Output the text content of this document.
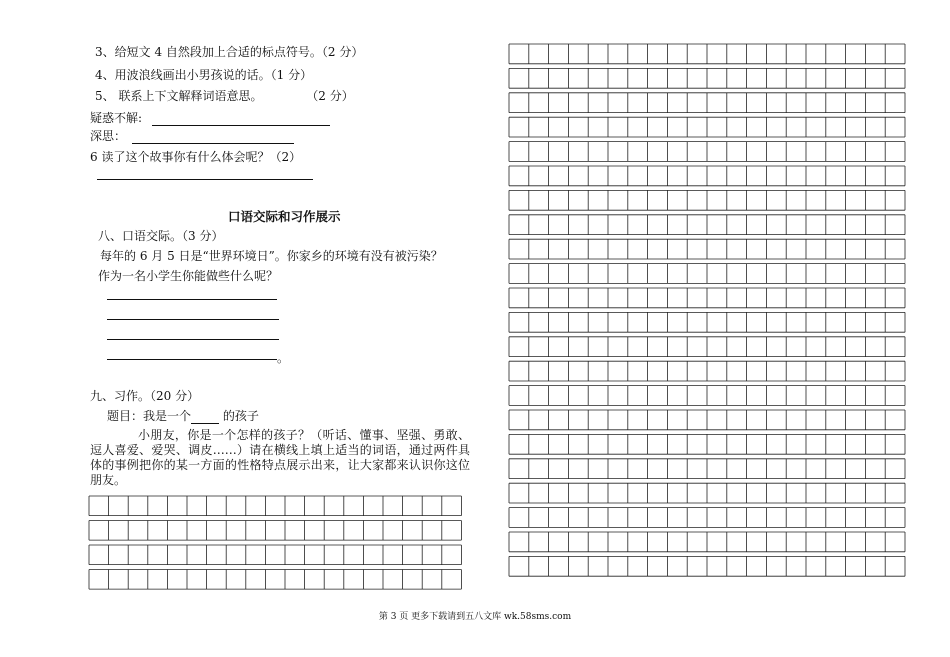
3、给短文 4 自然段加上合适的标点符号。（2 分）
4、用波浪线画出小男孩说的话。（1 分）
5、 联系上下文解释词语意思。	（2 分）
疑惑不解:
深思：
6 读了这个故事你有什么体会呢？（2）
口语交际和习作展示
八、口语交际。（3 分）
每年的 6 月 5 日是“世界环境日”。你家乡的环境有没有被污染？
作为一名小学生你能做些什么呢？
。
九、习作。（20 分）
题目：我是一个 的孩子
小朋友，你是一个怎样的孩子？（听话、懂事、坚强、勇敢、逗人喜爱、爱哭、调皮……）请在横线上填上适当的词语，通过两件具体的事例把你的某一方面的性格特点展示出来，让大家都来认识你这位朋友。
第 3 页 更多下载请到五八文库 wk.58sms.com
